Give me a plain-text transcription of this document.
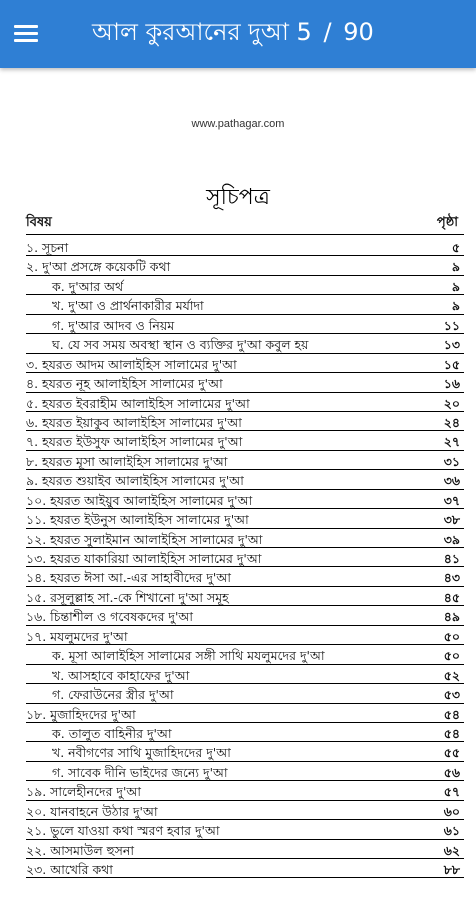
আল কুরআনের দুআ 5 / 90
www.pathagar.com
সূচিপত্র
বিষয়	পৃষ্ঠা
১. সূচনা	৫
২. দু'আ প্রসঙ্গে কয়েকটি কথা	৯
ক. দু'আর অর্থ	৯
খ. দু'আ ও প্রার্থনাকারীর মর্যাদা	৯
গ. দু'আর আদব ও নিয়ম	১১
ঘ. যে সব সময় অবস্থা স্থান ও ব্যক্তির দু'আ কবুল হয়	১৩
৩. হযরত আদম আলাইহিস সালামের দু'আ	১৫
৪. হযরত নূহ আলাইহিস সালামের দু'আ	১৬
৫. হযরত ইবরাহীম আলাইহিস সালামের দু'আ	২০
৬. হযরত ইয়াকুব আলাইহিস সালামের দু'আ	২৪
৭. হযরত ইউসুফ আলাইহিস সালামের দু'আ	২৭
৮. হযরত মূসা আলাইহিস সালামের দু'আ	৩১
৯. হযরত শুয়াইব আলাইহিস সালামের দু'আ	৩৬
১০. হযরত আইয়ুব আলাইহিস সালামের দু'আ	৩৭
১১. হযরত ইউনুস আলাইহিস সালামের দু'আ	৩৮
১২. হযরত সুলাইমান আলাইহিস সালামের দু'আ	৩৯
১৩. হযরত যাকারিয়া আলাইহিস সালামের দু'আ	৪১
১৪. হযরত ঈসা আ.-এর সাহাবীদের দু'আ	৪৩
১৫. রসূলুল্লাহ সা.-কে শিখানো দু'আ সমূহ	৪৫
১৬. চিন্তাশীল ও গবেষকদের দু'আ	৪৯
১৭. মযলুমদের দু'আ	৫০
ক. মূসা আলাইহিস সালামের সঙ্গী সাথি মযলুমদের দু'আ	৫০
খ. আসহাবে কাহাফের দু'আ	৫২
গ. ফেরাউনের স্ত্রীর দু'আ	৫৩
১৮. মুজাহিদদের দু'আ	৫৪
ক. তালুত বাহিনীর দু'আ	৫৪
খ. নবীগণের সাথি মুজাহিদদের দু'আ	৫৫
গ. সাবেক দীনি ভাইদের জন্যে দু'আ	৫৬
১৯. সালেহীনদের দু'আ	৫৭
২০. যানবাহনে উঠার দু'আ	৬০
২১. ভুলে যাওয়া কথা স্মরণ হবার দু'আ	৬১
২২. আসমাউল হুসনা	৬২
২৩. আখেরি কথা	৮৮
